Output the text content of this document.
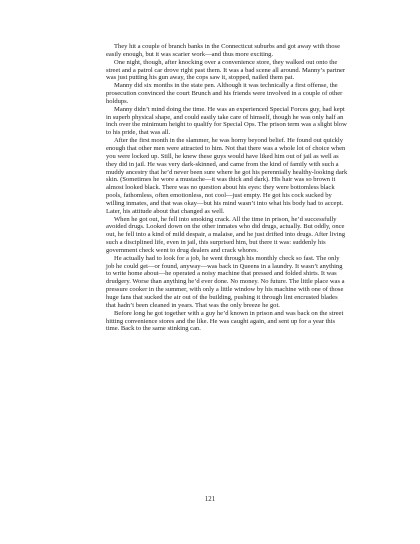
They hit a couple of branch banks in the Connecticut suburbs and got away with those easily enough, but it was scarier work—and thus more exciting.

One night, though, after knocking over a convenience store, they walked out onto the street and a patrol car drove right past them. It was a bad scene all around. Manny’s partner was just putting his gun away, the cops saw it, stopped, nailed them pat.

Manny did six months in the state pen. Although it was technically a first offense, the prosecution convinced the court Brunch and his friends were involved in a couple of other holdups.

Manny didn’t mind doing the time. He was an experienced Special Forces guy, had kept in superb physical shape, and could easily take care of himself, though he was only half an inch over the minimum height to qualify for Special Ops. The prison term was a slight blow to his pride, that was all.

After the first month in the slammer, he was horny beyond belief. He found out quickly enough that other men were attracted to him. Not that there was a whole lot of choice when you were locked up. Still, he knew these guys would have liked him out of jail as well as they did in jail. He was very dark-skinned, and came from the kind of family with such a muddy ancestry that he’d never been sure where he got his perennially healthy-looking dark skin. (Sometimes he wore a mustache—it was thick and dark). His hair was so brown it almost looked black. There was no question about his eyes: they were bottomless black pools, fathomless, often emotionless, not cool—just empty. He got his cock sucked by willing inmates, and that was okay—but his mind wasn’t into what his body had to accept. Later, his attitude about that changed as well.

When he got out, he fell into smoking crack. All the time in prison, he’d successfully avoided drugs. Looked down on the other inmates who did drugs, actually. But oddly, once out, he fell into a kind of mild despair, a malaise, and he just drifted into drugs. After living such a disciplined life, even in jail, this surprised him, but there it was: suddenly his government check went to drug dealers and crack whores.

He actually had to look for a job, he went through his monthly check so fast. The only job he could get—or found, anyway—was back in Queens in a laundry. It wasn’t anything to write home about—he operated a noisy machine that pressed and folded shirts. It was drudgery. Worse than anything he’d ever done. No money. No future. The little place was a pressure cooker in the summer, with only a little window by his machine with one of those huge fans that sucked the air out of the building, pushing it through lint encrusted blades that hadn’t been cleaned in years. That was the only breeze he got.

Before long he got together with a guy he’d known in prison and was back on the street hitting convenience stores and the like. He was caught again, and sent up for a year this time. Back to the same stinking can.

121
